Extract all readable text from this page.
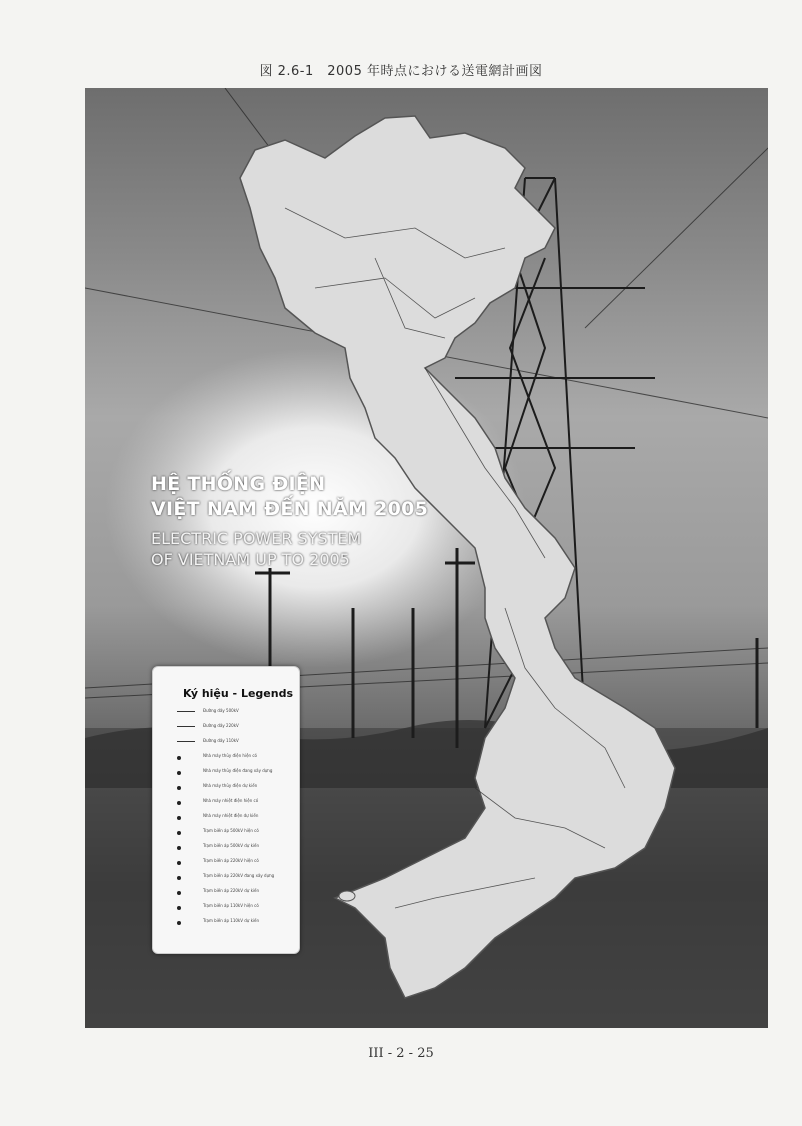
図 2.6-1　2005 年時点における送電網計画図
HỆ THỐNG ĐIỆN
VIỆT NAM ĐẾN NĂM 2005
ELECTRIC POWER SYSTEM
OF VIETNAM UP TO 2005
Ký hiệu - Legends
Đường dây 500kV
Đường dây 220kV
Đường dây 110kV
Nhà máy thủy điện hiện có
Nhà máy thủy điện đang xây dựng
Nhà máy thủy điện dự kiến
Nhà máy nhiệt điện hiện có
Nhà máy nhiệt điện dự kiến
Trạm biến áp 500kV hiện có
Trạm biến áp 500kV dự kiến
Trạm biến áp 220kV hiện có
Trạm biến áp 220kV đang xây dựng
Trạm biến áp 220kV dự kiến
Trạm biến áp 110kV hiện có
Trạm biến áp 110kV dự kiến
III - 2 - 25
